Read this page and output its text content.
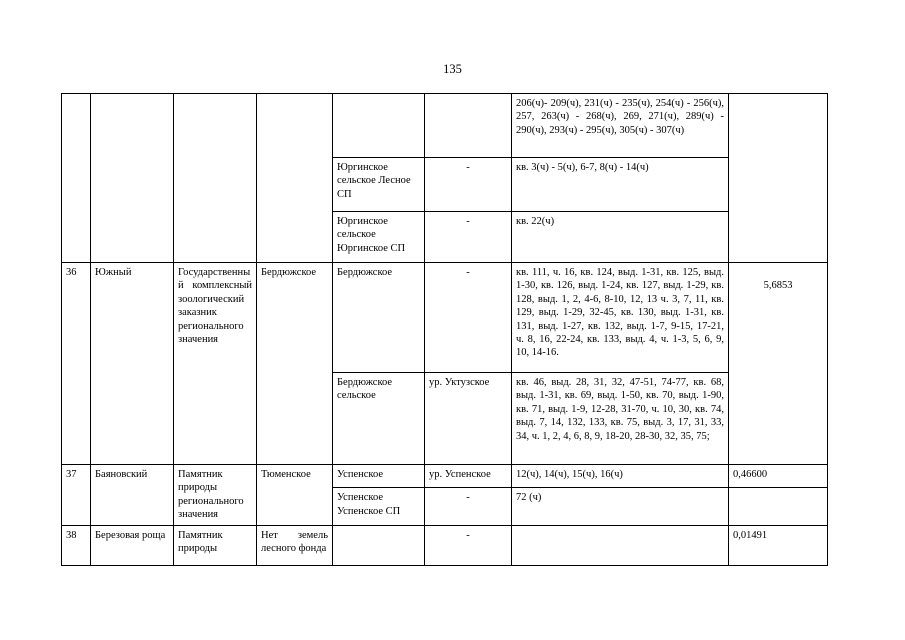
135
						206(ч)- 209(ч), 231(ч) - 235(ч), 254(ч) - 256(ч), 257, 263(ч) - 268(ч), 269, 271(ч), 289(ч) - 290(ч), 293(ч) - 295(ч), 305(ч) - 307(ч)	
				Юргинское сельское Лесное СП	-	кв. 3(ч) - 5(ч), 6-7, 8(ч) - 14(ч)	
				Юргинское сельское Юргинское СП	-	кв. 22(ч)	
36	Южный	Государственны й комплексный зоологический заказник регионального значения	Бердюжское	Бердюжское	-	кв. 111, ч. 16, кв. 124, выд. 1-31, кв. 125, выд. 1-30, кв. 126, выд. 1-24, кв. 127, выд. 1-29, кв. 128, выд. 1, 2, 4-6, 8-10, 12, 13 ч. 3, 7, 11, кв. 129, выд. 1-29, 32-45, кв. 130, выд. 1-31, кв. 131, выд. 1-27, кв. 132, выд. 1-7, 9-15, 17-21, ч. 8, 16, 22-24, кв. 133, выд. 4, ч. 1-3, 5, 6, 9, 10, 14-16.	5,6853
				Бердюжское сельское	ур. Уктузское	кв. 46, выд. 28, 31, 32, 47-51, 74-77, кв. 68, выд. 1-31, кв. 69, выд. 1-50, кв. 70, выд. 1-90, кв. 71, выд. 1-9, 12-28, 31-70, ч. 10, 30, кв. 74, выд. 7, 14, 132, 133, кв. 75, выд. 3, 17, 31, 33, 34, ч. 1, 2, 4, 6, 8, 9, 18-20, 28-30, 32, 35, 75;	
37	Баяновский	Памятник природы регионального значения	Тюменское	Успенское	ур. Успенское	12(ч), 14(ч), 15(ч), 16(ч)	0,46600
				Успенское Успенское СП	-	72 (ч)	
38	Березовая роща	Памятник природы	Нет земель лесного фонда		-		0,01491
